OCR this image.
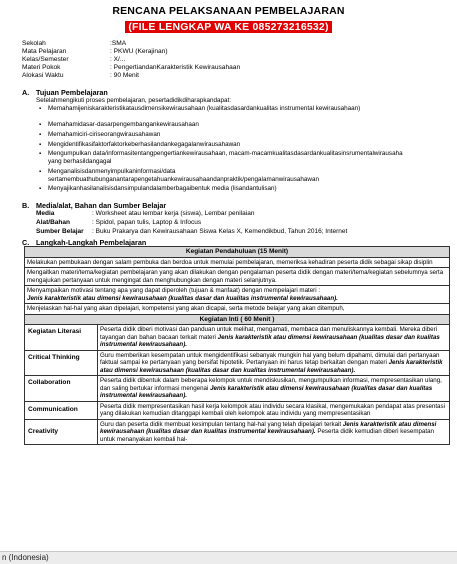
RENCANA PELAKSANAAN PEMBELAJARAN
(FILE LENGKAP WA KE 085273216532)
Sekolah	:SMA
Mata Pelajaran	: PKWU (Kerajinan)
Kelas/Semester	: X/...
Materi Pokok	: PengertiandanKarakteristik Kewirausahaan
Alokasi Waktu	: 90 Menit
A. Tujuan Pembelajaran
Setelahmengikuti proses pembelajaran, pesertadidikdiharapkandapat:
▪ Memahamijeniskarakteristikatausdimensikewirausahaan (kualitasdasardankualitas instrumental kewirausahaan)
▪ Memahamidasar-dasarpengembangankewirausahaan
▪ Memahamiciri-ciriseorangwirausahawan
▪ Mengidentifikasifaktorfaktorkeberhasilandankegagalanwirausahawan
▪ Mengumpulkan data/informasitentangpengertiankewirausahaan, macam-macamkualitasdasardankualitasinsrumentalwirausaha yang berhasildangagal
▪ Menganalisisdanmenyimpulkaninformasi/data sertamembuathubunganantarapengetahuankewirausahaandanpraktik/pengalamanwirausahawan
▪ Menyajikanhasilanalisisdansimpulandalamberbagaibentuk media (lisandantulisan)
B. Media/alat, Bahan dan Sumber Belajar
Media	: Worksheet atau lembar kerja (siswa), Lembar penilaian
Alat/Bahan	: Spidol, papan tulis, Laptop & Infocus
Sumber Belajar : Buku Prakarya dan Kewirausahaan Siswa Kelas X, Kemendikbud, Tahun 2016; Internet
C. Langkah-Langkah Pembelajaran
Kegiatan Pendahuluan (15 Menit)	
Melakukan pembukaan dengan salam pembuka dan berdoa untuk memulai pembelajaran, memeriksa kehadiran peserta didik sebagai sikap disiplin	
Mengaitkan materi/tema/kegiatan pembelajaran yang akan dilakukan dengan pengalaman peserta didik dengan materi/tema/kegiatan sebelumnya serta mengajukan pertanyaan untuk mengingat dan menghubungkan dengan materi selanjutnya.	
Menyampaikan motivasi tentang apa yang dapat diperoleh (tujuan & manfaat) dengan mempelajari materi :
Jenis karakteristik atau dimensi kewirausahaan (kualitas dasar dan kualitas instrumental kewirausahaan).	
Menjelaskan hal-hal yang akan dipelajari, kompetensi yang akan dicapai, serta metode belajar yang akan ditempuh,	
Kegiatan Inti ( 60 Menit )	
Kegiatan Literasi	Peserta didik diberi motivasi dan panduan untuk melihat, mengamati, membaca dan menuliskannya kembali. Mereka diberi tayangan dan bahan bacaan terkait materi Jenis karakteristik atau dimensi kewirausahaan (kualitas dasar dan kualitas instrumental kewirausahaan).
Critical Thinking	Guru memberikan kesempatan untuk mengidentifikasi sebanyak mungkin hal yang belum dipahami, dimulai dari pertanyaan faktual sampai ke pertanyaan yang bersifat hipotetik. Pertanyaan ini harus tetap berkaitan dengan materi Jenis karakteristik atau dimensi kewirausahaan (kualitas dasar dan kualitas instrumental kewirausahaan).
Collaboration	Peserta didik dibentuk dalam beberapa kelompok untuk mendiskusikan, mengumpulkan informasi, mempresentasikan ulang, dan saling bertukar informasi mengenai Jenis karakteristik atau dimensi kewirausahaan (kualitas dasar dan kualitas instrumental kewirausahaan).
Communication	Peserta didik mempresentasikan hasil kerja kelompok atau individu secara klasikal, mengemukakan pendapat atas presentasi yang dilakukan kemudian ditanggapi kembali oleh kelompok atau individu yang mempresentasikan
Creativity	Guru dan peserta didik membuat kesimpulan tentang hal-hal yang telah dipelajari terkait Jenis karakteristik atau dimensi kewirausahaan (kualitas dasar dan kualitas instrumental kewirausahaan). Peserta didik kemudian diberi kesempatan untuk menanyakan kembali hal-
n (Indonesia)
